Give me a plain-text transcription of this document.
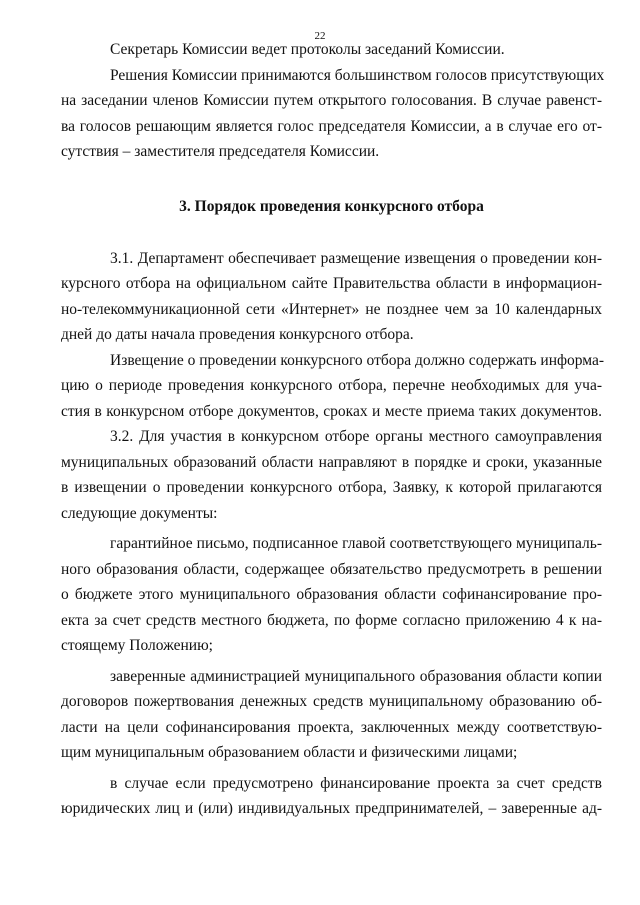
22
Секретарь Комиссии ведет протоколы заседаний Комиссии.
Решения Комиссии принимаются большинством голосов присутствующих
на заседании членов Комиссии путем открытого голосования. В случае равенст-
ва голосов решающим является голос председателя Комиссии, а в случае его от-
сутствия – заместителя председателя Комиссии.
3. Порядок проведения конкурсного отбора
3.1. Департамент обеспечивает размещение извещения о проведении кон-
курсного отбора на официальном сайте Правительства области в информацион-
но-телекоммуникационной сети «Интернет» не позднее чем за 10 календарных
дней до даты начала проведения конкурсного отбора.
Извещение о проведении конкурсного отбора должно содержать информа-
цию о периоде проведения конкурсного отбора, перечне необходимых для уча-
стия в конкурсном отборе документов, сроках и месте приема таких документов.
3.2. Для участия в конкурсном отборе органы местного самоуправления
муниципальных образований области направляют в порядке и сроки, указанные
в извещении о проведении конкурсного отбора, Заявку, к которой прилагаются
следующие документы:
гарантийное письмо, подписанное главой соответствующего муниципаль-
ного образования области, содержащее обязательство предусмотреть в решении
о бюджете этого муниципального образования области софинансирование про-
екта за счет средств местного бюджета, по форме согласно приложению 4 к на-
стоящему Положению;
заверенные администрацией муниципального образования области копии
договоров пожертвования денежных средств муниципальному образованию об-
ласти на цели софинансирования проекта, заключенных между соответствую-
щим муниципальным образованием области и физическими лицами;
в случае если предусмотрено финансирование проекта за счет средств
юридических лиц и (или) индивидуальных предпринимателей, – заверенные ад-
